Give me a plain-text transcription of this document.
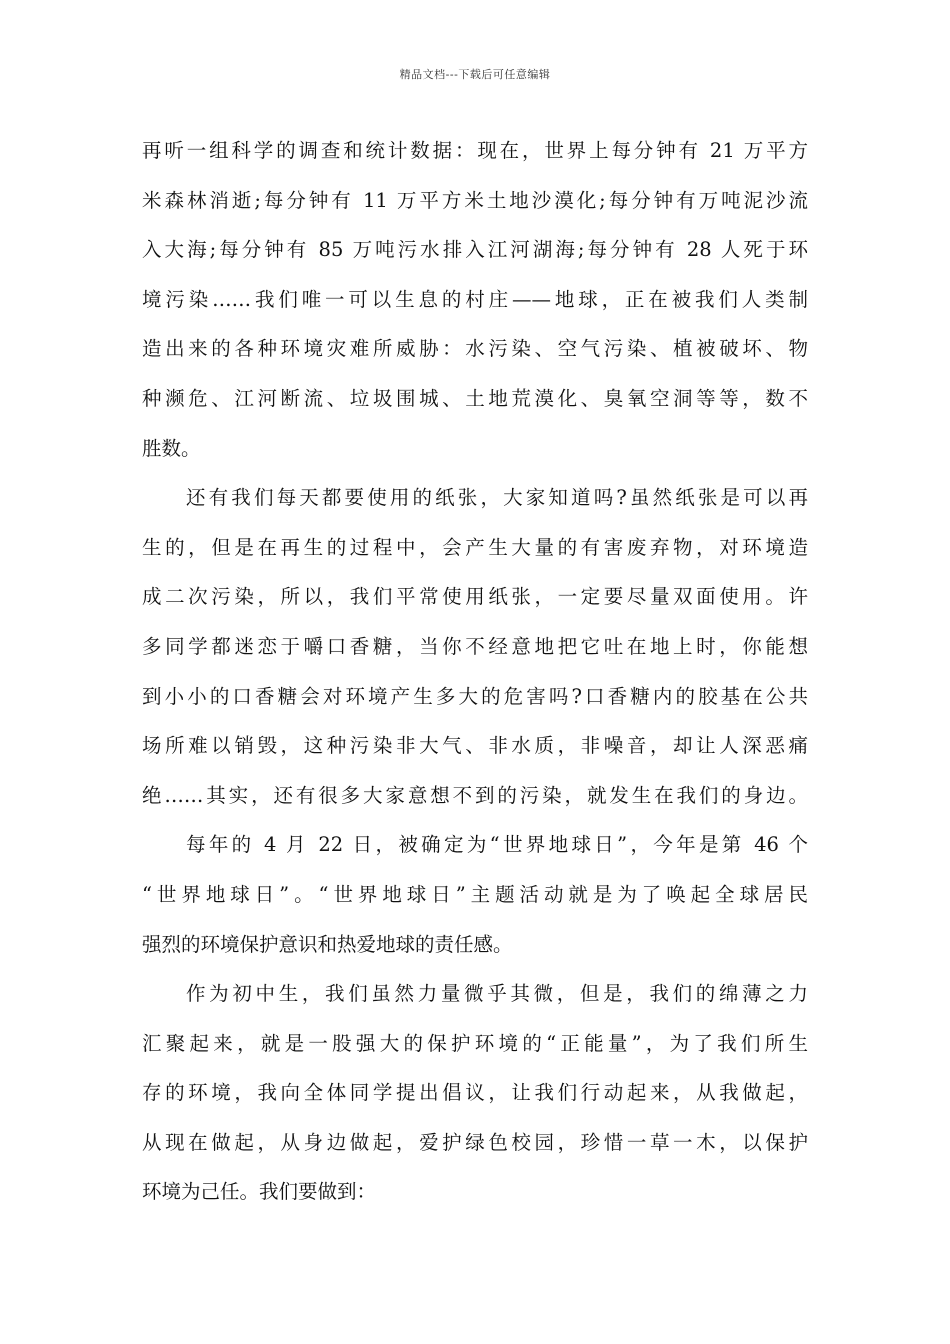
精品文档---下载后可任意编辑
再听一组科学的调查和统计数据：现在，世界上每分钟有 21 万平方
米森林消逝;每分钟有 11 万平方米土地沙漠化;每分钟有万吨泥沙流
入大海;每分钟有 85 万吨污水排入江河湖海;每分钟有 28 人死于环
境污染……我们唯一可以生息的村庄——地球，正在被我们人类制
造出来的各种环境灾难所威胁：水污染、空气污染、植被破坏、物
种濒危、江河断流、垃圾围城、土地荒漠化、臭氧空洞等等，数不
胜数。
还有我们每天都要使用的纸张，大家知道吗?虽然纸张是可以再
生的，但是在再生的过程中，会产生大量的有害废弃物，对环境造
成二次污染，所以，我们平常使用纸张，一定要尽量双面使用。许
多同学都迷恋于嚼口香糖，当你不经意地把它吐在地上时，你能想
到小小的口香糖会对环境产生多大的危害吗?口香糖内的胶基在公共
场所难以销毁，这种污染非大气、非水质，非噪音，却让人深恶痛
绝……其实，还有很多大家意想不到的污染，就发生在我们的身边。
每年的 4 月 22 日，被确定为“世界地球日”，今年是第 46 个
“世界地球日”。“世界地球日”主题活动就是为了唤起全球居民
强烈的环境保护意识和热爱地球的责任感。
作为初中生，我们虽然力量微乎其微，但是，我们的绵薄之力
汇聚起来，就是一股强大的保护环境的“正能量”，为了我们所生
存的环境，我向全体同学提出倡议，让我们行动起来，从我做起，
从现在做起，从身边做起，爱护绿色校园，珍惜一草一木，以保护
环境为己任。我们要做到：
